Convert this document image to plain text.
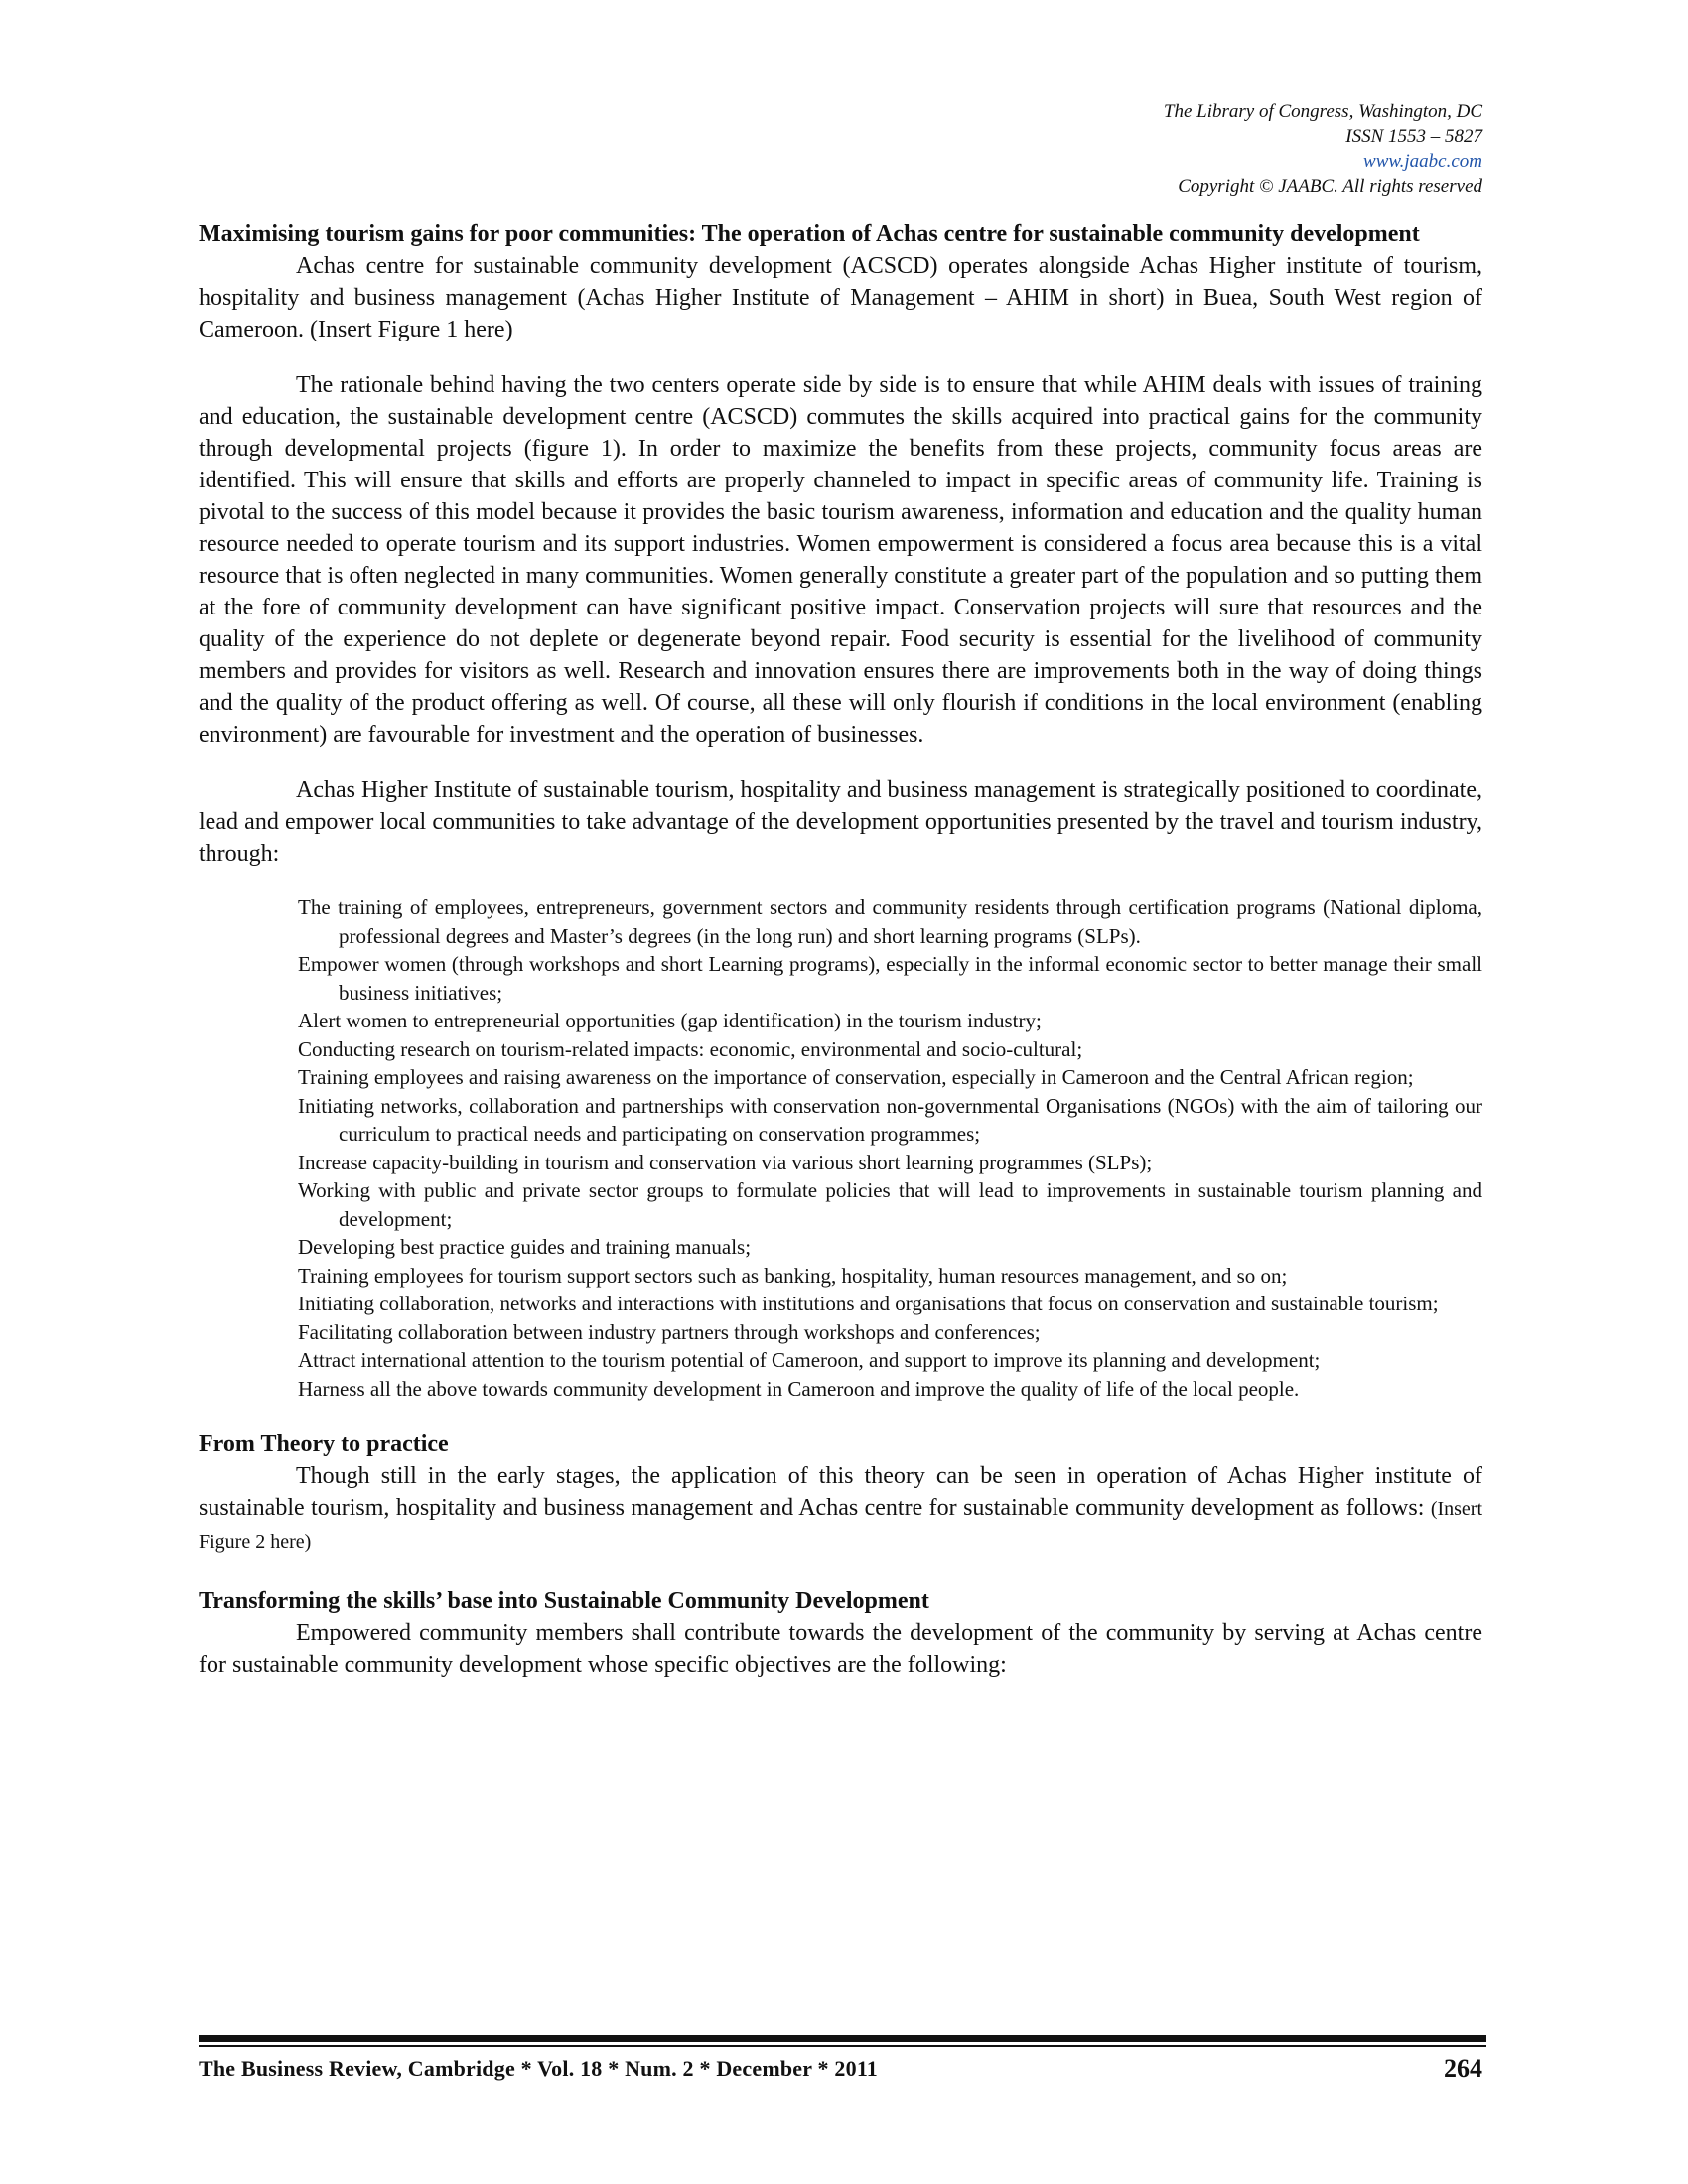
The Library of Congress, Washington, DC
ISSN 1553 – 5827
www.jaabc.com
Copyright © JAABC. All rights reserved
Maximising tourism gains for poor communities: The operation of Achas centre for sustainable community development

Achas centre for sustainable community development (ACSCD) operates alongside Achas Higher institute of tourism, hospitality and business management (Achas Higher Institute of Management – AHIM in short) in Buea, South West region of Cameroon. (Insert Figure 1 here)

The rationale behind having the two centers operate side by side is to ensure that while AHIM deals with issues of training and education, the sustainable development centre (ACSCD) commutes the skills acquired into practical gains for the community through developmental projects (figure 1). In order to maximize the benefits from these projects, community focus areas are identified. This will ensure that skills and efforts are properly channeled to impact in specific areas of community life. Training is pivotal to the success of this model because it provides the basic tourism awareness, information and education and the quality human resource needed to operate tourism and its support industries. Women empowerment is considered a focus area because this is a vital resource that is often neglected in many communities. Women generally constitute a greater part of the population and so putting them at the fore of community development can have significant positive impact. Conservation projects will sure that resources and the quality of the experience do not deplete or degenerate beyond repair. Food security is essential for the livelihood of community members and provides for visitors as well. Research and innovation ensures there are improvements both in the way of doing things and the quality of the product offering as well. Of course, all these will only flourish if conditions in the local environment (enabling environment) are favourable for investment and the operation of businesses.

Achas Higher Institute of sustainable tourism, hospitality and business management is strategically positioned to coordinate, lead and empower local communities to take advantage of the development opportunities presented by the travel and tourism industry, through:

The training of employees, entrepreneurs, government sectors and community residents through certification programs (National diploma, professional degrees and Master’s degrees (in the long run) and short learning programs (SLPs).
Empower women (through workshops and short Learning programs), especially in the informal economic sector to better manage their small business initiatives;
Alert women to entrepreneurial opportunities (gap identification) in the tourism industry;
Conducting research on tourism-related impacts: economic, environmental and socio-cultural;
Training employees and raising awareness on the importance of conservation, especially in Cameroon and the Central African region;
Initiating networks, collaboration and partnerships with conservation non-governmental Organisations (NGOs) with the aim of tailoring our curriculum to practical needs and participating on conservation programmes;
Increase capacity-building in tourism and conservation via various short learning programmes (SLPs);
Working with public and private sector groups to formulate policies that will lead to improvements in sustainable tourism planning and development;
Developing best practice guides and training manuals;
Training employees for tourism support sectors such as banking, hospitality, human resources management, and so on;
Initiating collaboration, networks and interactions with institutions and organisations that focus on conservation and sustainable tourism;
Facilitating collaboration between industry partners through workshops and conferences;
Attract international attention to the tourism potential of Cameroon, and support to improve its planning and development;
Harness all the above towards community development in Cameroon and improve the quality of life of the local people.
From Theory to practice

Though still in the early stages, the application of this theory can be seen in operation of Achas Higher institute of sustainable tourism, hospitality and business management and Achas centre for sustainable community development as follows: (Insert Figure 2 here)

Transforming the skills’ base into Sustainable Community Development

Empowered community members shall contribute towards the development of the community by serving at Achas centre for sustainable community development whose specific objectives are the following:

The Business Review, Cambridge * Vol. 18 * Num. 2 * December * 2011	264
